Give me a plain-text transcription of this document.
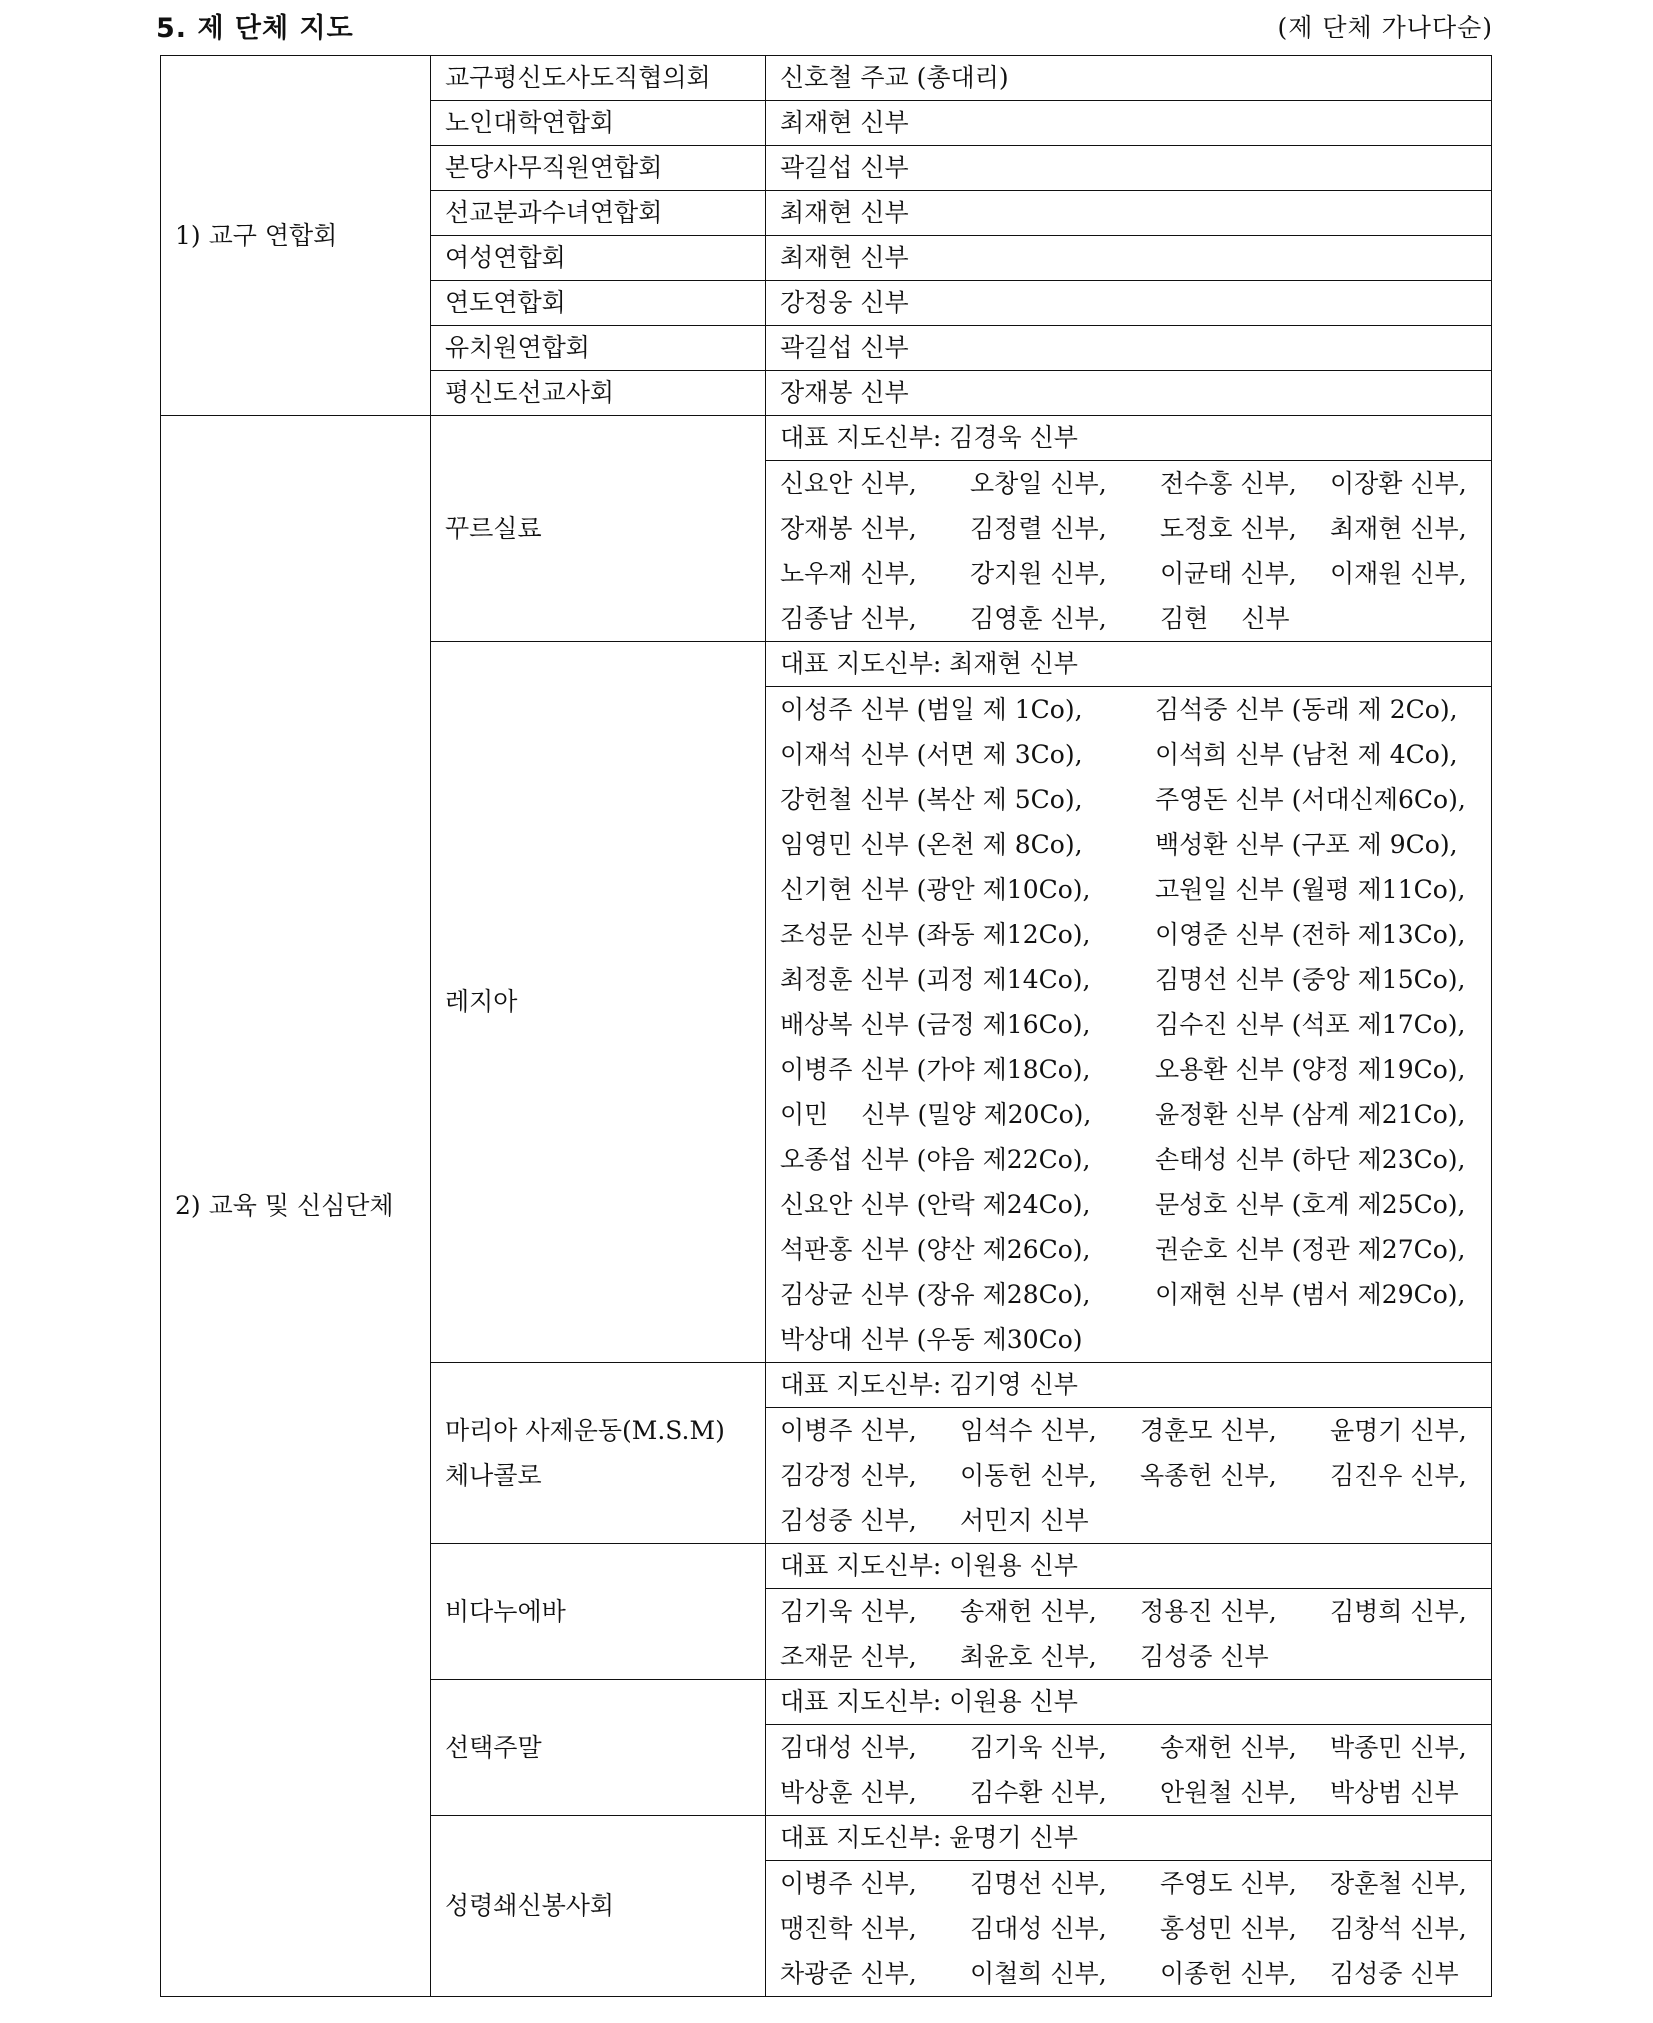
5. 제 단체 지도	(제 단체 가나다순)
1) 교구 연합회	교구평신도사도직협의회	신호철 주교 (총대리)
	노인대학연합회	최재현 신부
	본당사무직원연합회	곽길섭 신부
	선교분과수녀연합회	최재현 신부
	여성연합회	최재현 신부
	연도연합회	강정웅 신부
	유치원연합회	곽길섭 신부
	평신도선교사회	장재봉 신부
2) 교육 및 신심단체	꾸르실료	대표 지도신부: 김경욱 신부

신요안 신부,	오창일 신부,	전수홍 신부,	이장환 신부,
장재봉 신부,	김정렬 신부,	도정호 신부,	최재현 신부,
노우재 신부,	강지원 신부,	이균태 신부,	이재원 신부,
김종남 신부,	김영훈 신부,	김현　 신부

	레지아	대표 지도신부: 최재현 신부

이성주 신부 (범일 제 1Co),	김석중 신부 (동래 제 2Co),
이재석 신부 (서면 제 3Co),	이석희 신부 (남천 제 4Co),
강헌철 신부 (복산 제 5Co),	주영돈 신부 (서대신제6Co),
임영민 신부 (온천 제 8Co),	백성환 신부 (구포 제 9Co),
신기현 신부 (광안 제10Co),	고원일 신부 (월평 제11Co),
조성문 신부 (좌동 제12Co),	이영준 신부 (전하 제13Co),
최정훈 신부 (괴정 제14Co),	김명선 신부 (중앙 제15Co),
배상복 신부 (금정 제16Co),	김수진 신부 (석포 제17Co),
이병주 신부 (가야 제18Co),	오용환 신부 (양정 제19Co),
이민　 신부 (밀양 제20Co),	윤정환 신부 (삼계 제21Co),
오종섭 신부 (야음 제22Co),	손태성 신부 (하단 제23Co),
신요안 신부 (안락 제24Co),	문성호 신부 (호계 제25Co),
석판홍 신부 (양산 제26Co),	권순호 신부 (정관 제27Co),
김상균 신부 (장유 제28Co),	이재현 신부 (범서 제29Co),
박상대 신부 (우동 제30Co)

	마리아 사제운동(M.S.M)
체나콜로	대표 지도신부: 김기영 신부

이병주 신부,	임석수 신부,	경훈모 신부,	윤명기 신부,
김강정 신부,	이동헌 신부,	옥종헌 신부,	김진우 신부,
김성중 신부,	서민지 신부

	비다누에바	대표 지도신부: 이원용 신부

김기욱 신부,	송재헌 신부,	정용진 신부,	김병희 신부,
조재문 신부,	최윤호 신부,	김성중 신부

	선택주말	대표 지도신부: 이원용 신부

김대성 신부,	김기욱 신부,	송재헌 신부,	박종민 신부,
박상훈 신부,	김수환 신부,	안원철 신부,	박상범 신부

	성령쇄신봉사회	대표 지도신부: 윤명기 신부

이병주 신부,	김명선 신부,	주영도 신부,	장훈철 신부,
맹진학 신부,	김대성 신부,	홍성민 신부,	김창석 신부,
차광준 신부,	이철희 신부,	이종헌 신부,	김성중 신부
